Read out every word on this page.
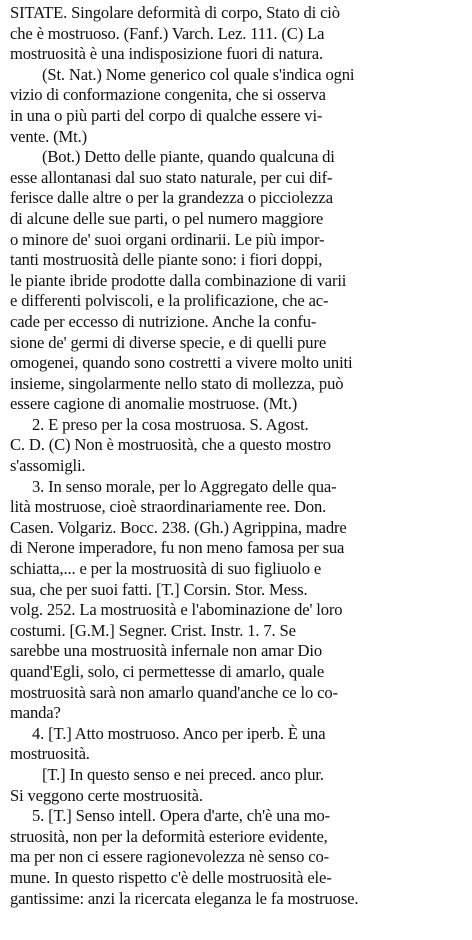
SITATE. Singolare deformità di corpo, Stato di ciò
che è mostruoso. (Fanf.) Varch. Lez. 111. (C) La
mostruosità è una indisposizione fuori di natura.
(St. Nat.) Nome generico col quale s'indica ogni
vizio di conformazione congenita, che si osserva
in una o più parti del corpo di qualche essere vi-
vente. (Mt.)
(Bot.) Detto delle piante, quando qualcuna di
esse allontanasi dal suo stato naturale, per cui dif-
ferisce dalle altre o per la grandezza o picciolezza
di alcune delle sue parti, o pel numero maggiore
o minore de' suoi organi ordinarii. Le più impor-
tanti mostruosità delle piante sono: i fiori doppi,
le piante ibride prodotte dalla combinazione di varii
e differenti polviscoli, e la prolificazione, che ac-
cade per eccesso di nutrizione. Anche la confu-
sione de' germi di diverse specie, e di quelli pure
omogenei, quando sono costretti a vivere molto uniti
insieme, singolarmente nello stato di mollezza, può
essere cagione di anomalie mostruose. (Mt.)
2. E preso per la cosa mostruosa. S. Agost.
C. D. (C) Non è mostruosità, che a questo mostro
s'assomigli.
3. In senso morale, per lo Aggregato delle qua-
lità mostruose, cioè straordinariamente ree. Don.
Casen. Volgariz. Bocc. 238. (Gh.) Agrippina, madre
di Nerone imperadore, fu non meno famosa per sua
schiatta,... e per la mostruosità di suo figliuolo e
sua, che per suoi fatti. [T.] Corsin. Stor. Mess.
volg. 252. La mostruosità e l'abominazione de' loro
costumi. [G.M.] Segner. Crist. Instr. 1. 7. Se
sarebbe una mostruosità infernale non amar Dio
quand'Egli, solo, ci permettesse di amarlo, quale
mostruosità sarà non amarlo quand'anche ce lo co-
manda?
4. [T.] Atto mostruoso. Anco per iperb. È una
mostruosità.
[T.] In questo senso e nei preced. anco plur.
Si veggono certe mostruosità.
5. [T.] Senso intell. Opera d'arte, ch'è una mo-
struosità, non per la deformità esteriore evidente,
ma per non ci essere ragionevolezza nè senso co-
mune. In questo rispetto c'è delle mostruosità ele-
gantissime: anzi la ricercata eleganza le fa mostruose.
